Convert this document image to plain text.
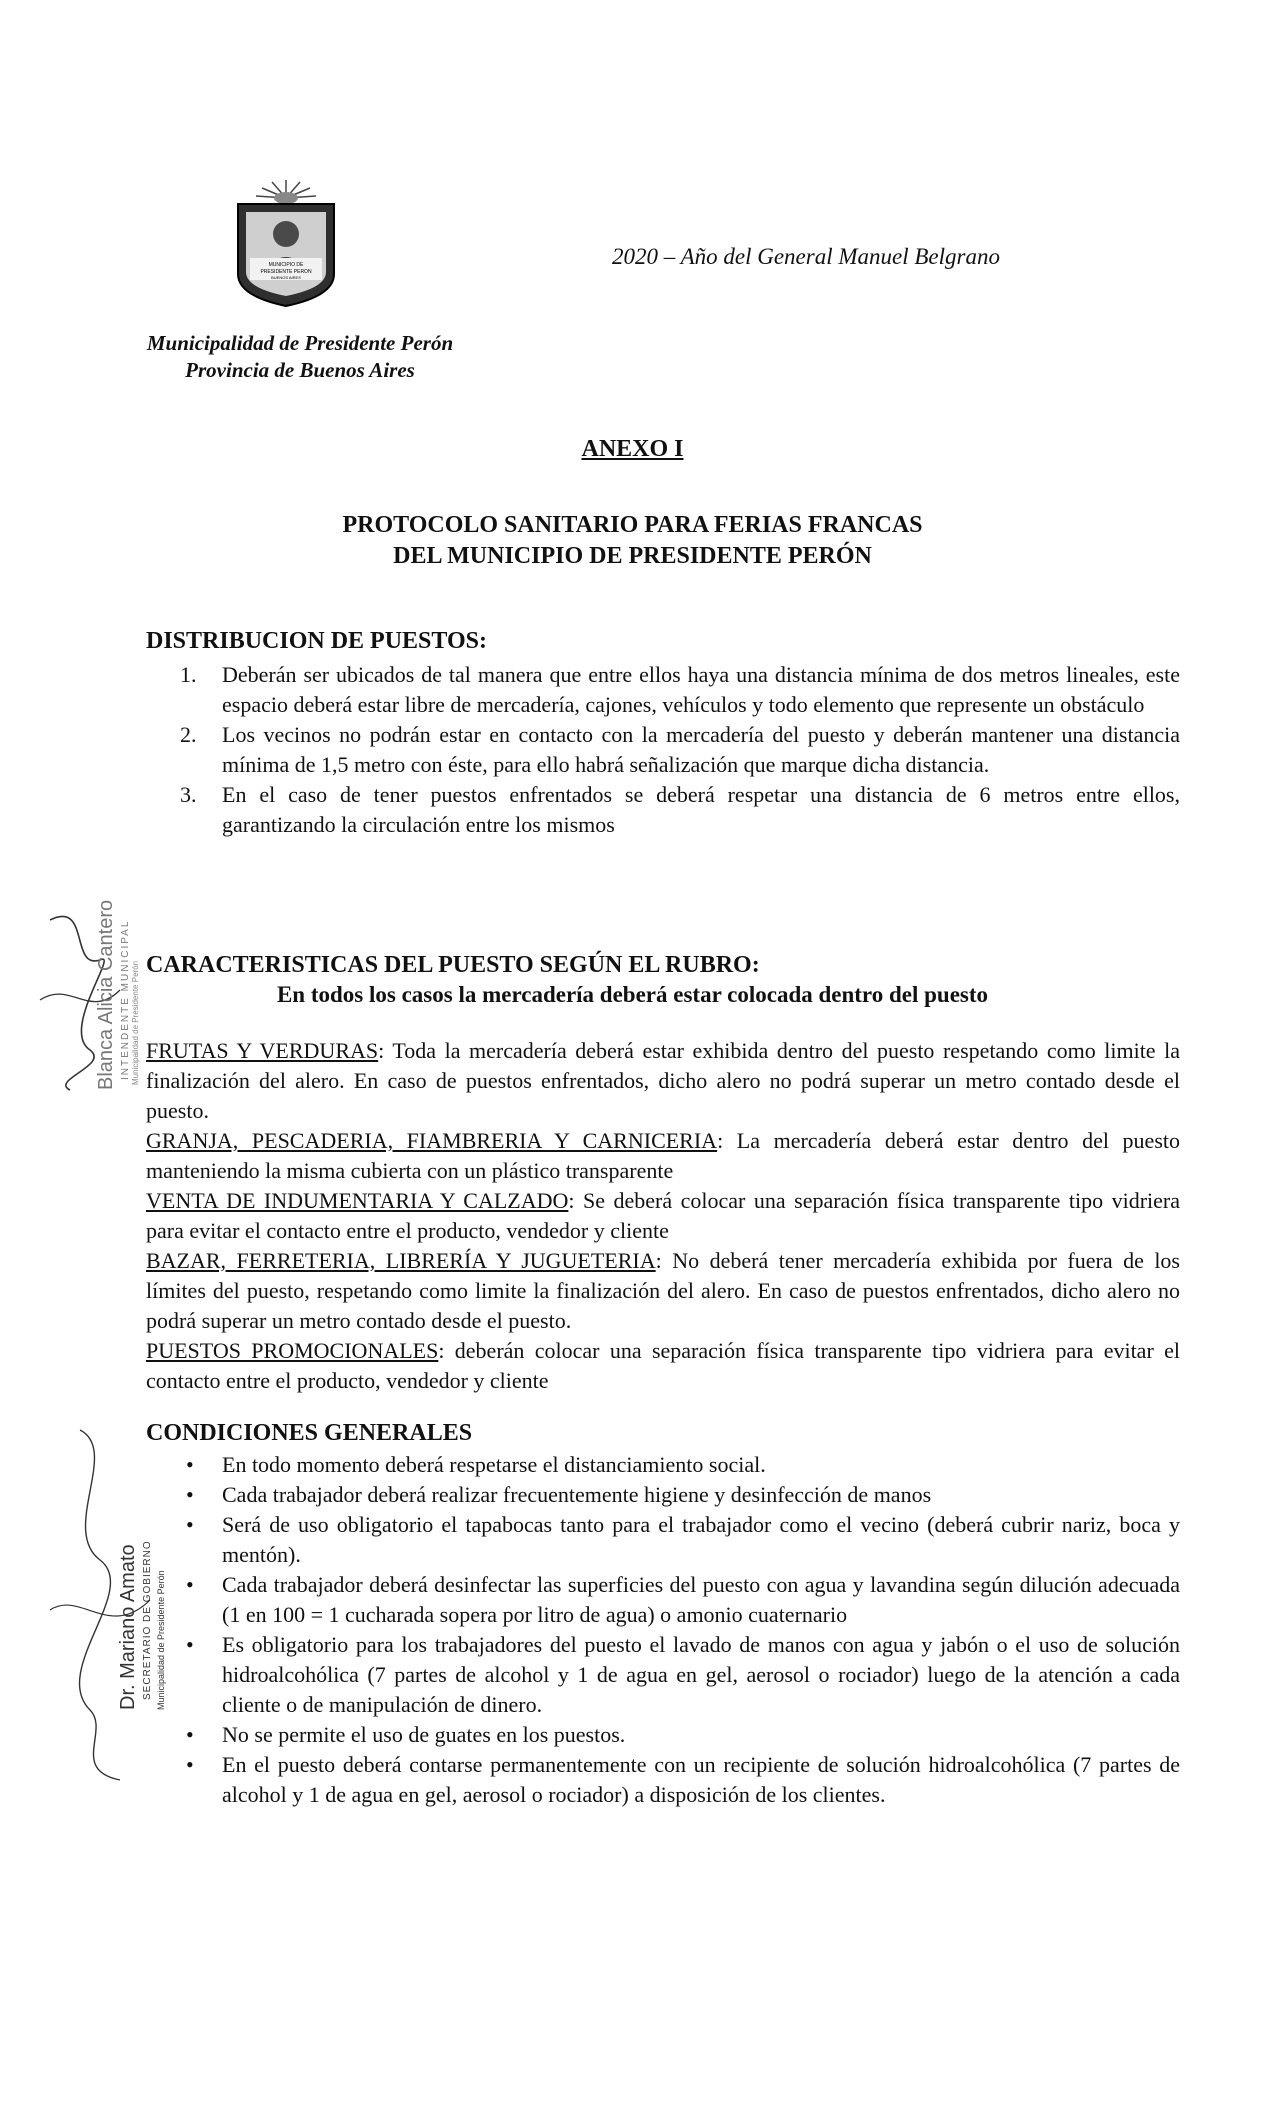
MUNICIPIO DE
PRESIDENTE PERON
BUENOS AIRES
2020 – Año del General Manuel Belgrano
Municipalidad de Presidente Perón
Provincia de Buenos Aires
ANEXO I
PROTOCOLO SANITARIO PARA FERIAS FRANCAS
DEL MUNICIPIO DE PRESIDENTE PERÓN
DISTRIBUCION DE PUESTOS:
1. Deberán ser ubicados de tal manera que entre ellos haya una distancia mínima de dos metros lineales, este espacio deberá estar libre de mercadería, cajones, vehículos y todo elemento que represente un obstáculo
2. Los vecinos no podrán estar en contacto con la mercadería del puesto y deberán mantener una distancia mínima de 1,5 metro con éste, para ello habrá señalización que marque dicha distancia.
3. En el caso de tener puestos enfrentados se deberá respetar una distancia de 6 metros entre ellos, garantizando la circulación entre los mismos
CARACTERISTICAS DEL PUESTO SEGÚN EL RUBRO:
En todos los casos la mercadería deberá estar colocada dentro del puesto
FRUTAS Y VERDURAS: Toda la mercadería deberá estar exhibida dentro del puesto respetando como limite la finalización del alero. En caso de puestos enfrentados, dicho alero no podrá superar un metro contado desde el puesto.
GRANJA, PESCADERIA, FIAMBRERIA Y CARNICERIA: La mercadería deberá estar dentro del puesto manteniendo la misma cubierta con un plástico transparente
VENTA DE INDUMENTARIA Y CALZADO: Se deberá colocar una separación física transparente tipo vidriera para evitar el contacto entre el producto, vendedor y cliente
BAZAR, FERRETERIA, LIBRERÍA Y JUGUETERIA: No deberá tener mercadería exhibida por fuera de los límites del puesto, respetando como limite la finalización del alero. En caso de puestos enfrentados, dicho alero no podrá superar un metro contado desde el puesto.
PUESTOS PROMOCIONALES: deberán colocar una separación física transparente tipo vidriera para evitar el contacto entre el producto, vendedor y cliente
CONDICIONES GENERALES
• En todo momento deberá respetarse el distanciamiento social.
• Cada trabajador deberá realizar frecuentemente higiene y desinfección de manos
• Será de uso obligatorio el tapabocas tanto para el trabajador como el vecino (deberá cubrir nariz, boca y mentón).
• Cada trabajador deberá desinfectar las superficies del puesto con agua y lavandina según dilución adecuada (1 en 100 = 1 cucharada sopera por litro de agua) o amonio cuaternario
• Es obligatorio para los trabajadores del puesto el lavado de manos con agua y jabón o el uso de solución hidroalcohólica (7 partes de alcohol y 1 de agua en gel, aerosol o rociador) luego de la atención a cada cliente o de manipulación de dinero.
• No se permite el uso de guates en los puestos.
• En el puesto deberá contarse permanentemente con un recipiente de solución hidroalcohólica (7 partes de alcohol y 1 de agua en gel, aerosol o rociador) a disposición de los clientes.
Blanca Alicia Cantero INTENDENTE MUNICIPAL Municipalidad de Presidente Perón
Dr. Mariano Amato SECRETARIO DE GOBIERNO Municipalidad de Presidente Perón
